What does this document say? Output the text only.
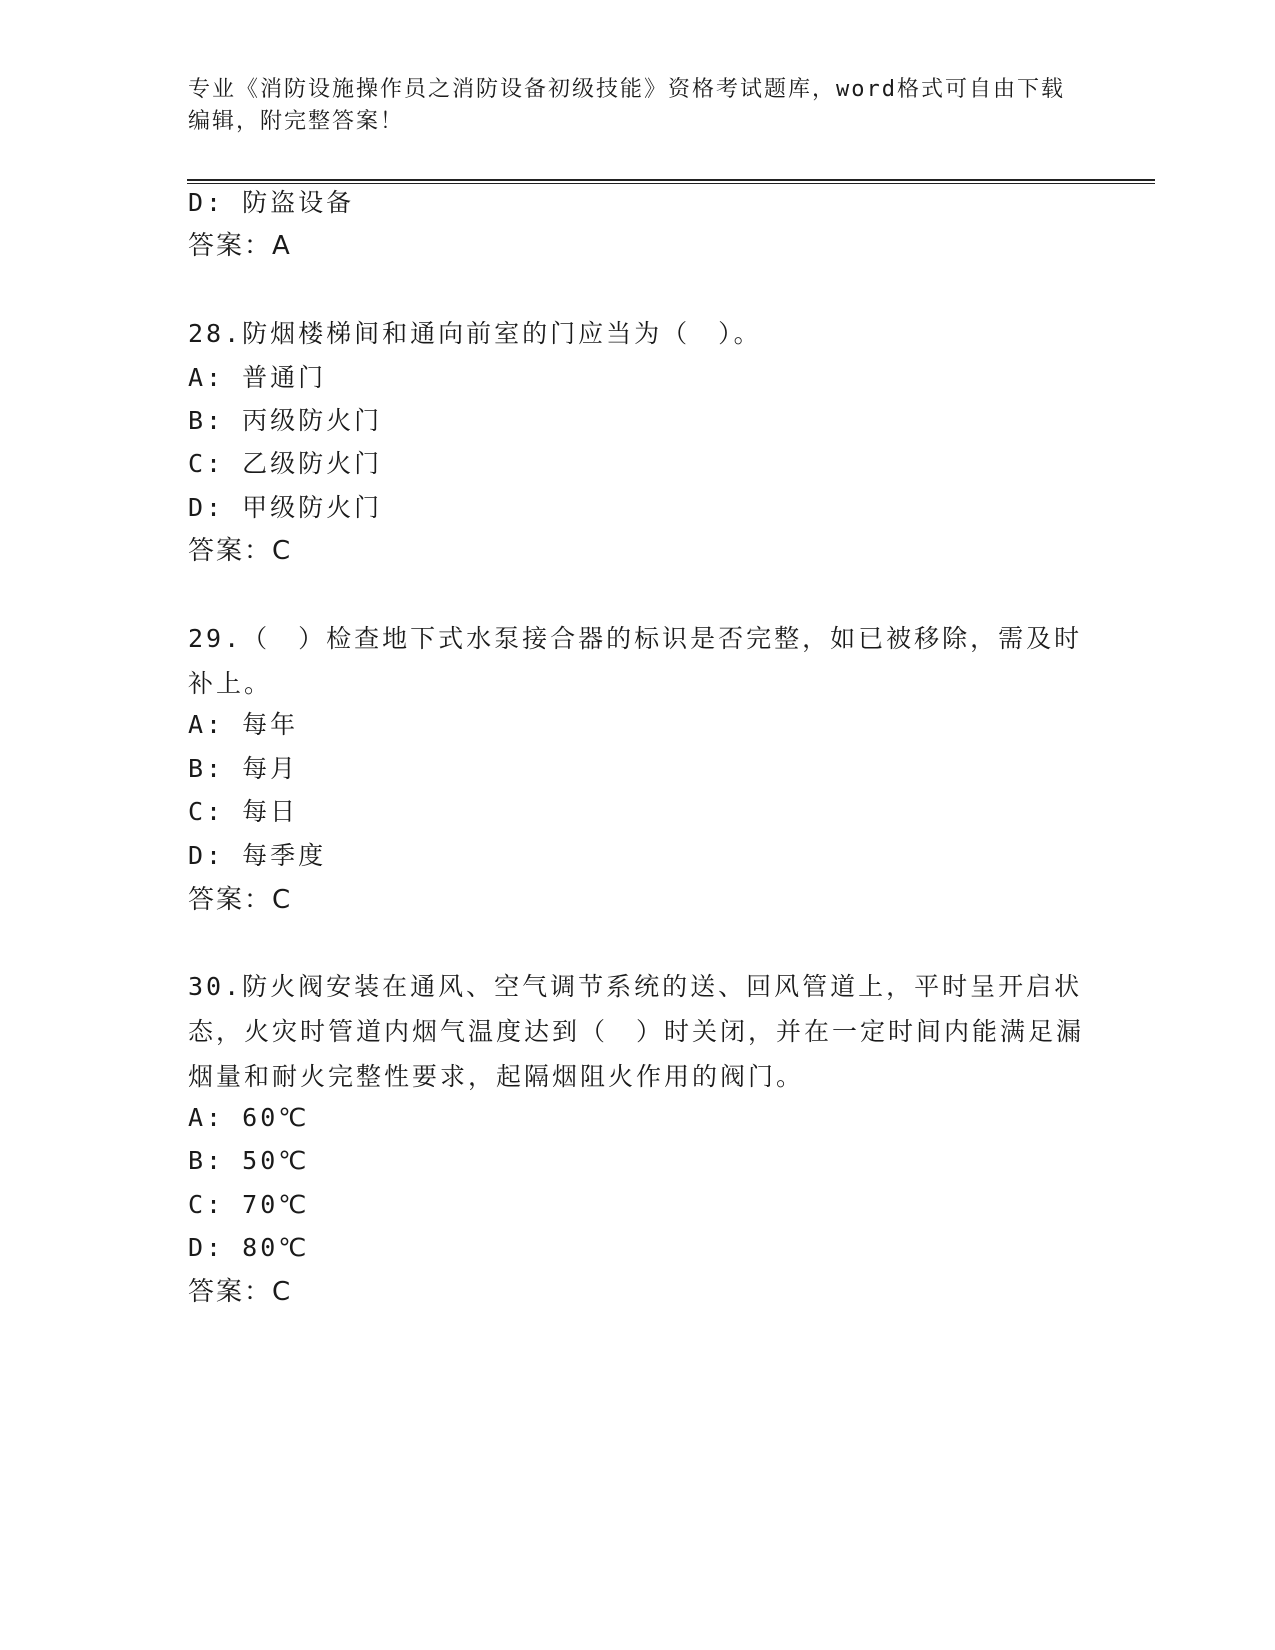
专业《消防设施操作员之消防设备初级技能》资格考试题库，word格式可自由下载编辑，附完整答案！
D: 防盗设备
答案：A
28.防烟楼梯间和通向前室的门应当为（　）。
A: 普通门
B: 丙级防火门
C: 乙级防火门
D: 甲级防火门
答案：C
29.（　）检查地下式水泵接合器的标识是否完整，如已被移除，需及时补上。
A: 每年
B: 每月
C: 每日
D: 每季度
答案：C
30.防火阀安装在通风、空气调节系统的送、回风管道上，平时呈开启状态，火灾时管道内烟气温度达到（　）时关闭，并在一定时间内能满足漏烟量和耐火完整性要求，起隔烟阻火作用的阀门。
A: 60℃
B: 50℃
C: 70℃
D: 80℃
答案：C
